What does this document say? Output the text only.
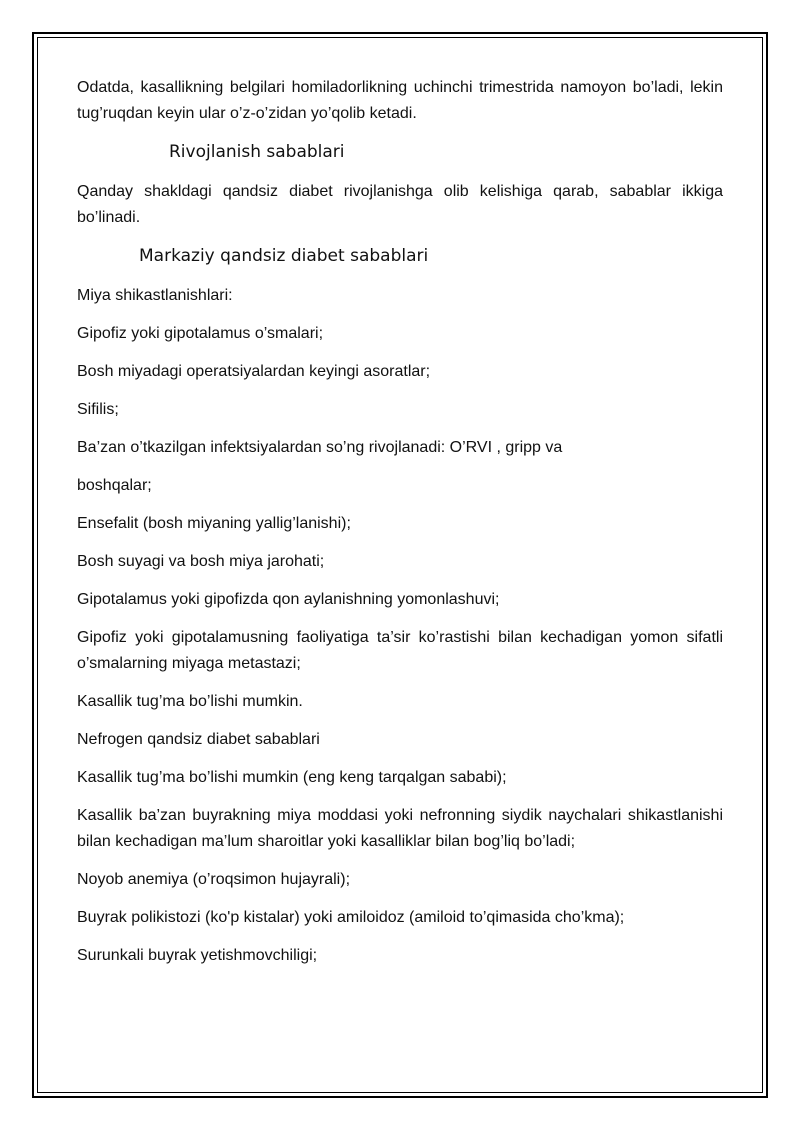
Odatda, kasallikning belgilari homiladorlikning uchinchi trimestrida namoyon bo’ladi, lekin tug’ruqdan keyin ular o’z-o’zidan yo’qolib ketadi.

Rivojlanish sabablari

Qanday shakldagi qandsiz diabet rivojlanishga olib kelishiga qarab, sabablar ikkiga bo’linadi.

Markaziy qandsiz diabet sabablari

Miya shikastlanishlari:

Gipofiz yoki gipotalamus o’smalari;

Bosh miyadagi operatsiyalardan keyingi asoratlar;

Sifilis;

Ba’zan o’tkazilgan infektsiyalardan so’ng rivojlanadi: O’RVI , gripp va

boshqalar;

Ensefalit (bosh miyaning yallig’lanishi);

Bosh suyagi va bosh miya jarohati;

Gipotalamus yoki gipofizda qon aylanishning yomonlashuvi;

Gipofiz yoki gipotalamusning faoliyatiga ta’sir ko’rastishi bilan kechadigan yomon sifatli o’smalarning miyaga metastazi;

Kasallik tug’ma bo’lishi mumkin.

Nefrogen qandsiz diabet sabablari

Kasallik tug’ma bo’lishi mumkin (eng keng tarqalgan sababi);

Kasallik ba’zan buyrakning miya moddasi yoki nefronning siydik naychalari shikastlanishi bilan kechadigan ma’lum sharoitlar yoki kasalliklar bilan bog’liq bo’ladi;

Noyob anemiya (o’roqsimon hujayrali);

Buyrak polikistozi (ko'p kistalar) yoki amiloidoz (amiloid to’qimasida cho’kma);

Surunkali buyrak yetishmovchiligi;
